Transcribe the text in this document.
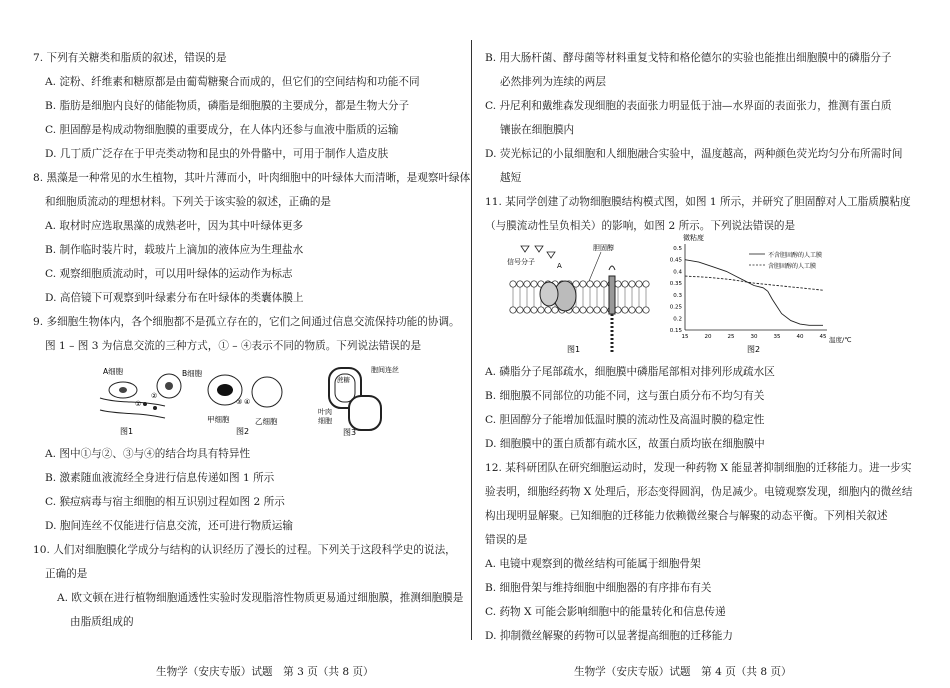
7. 下列有关糖类和脂质的叙述，错误的是
A. 淀粉、纤维素和糖原都是由葡萄糖聚合而成的，但它们的空间结构和功能不同
B. 脂肪是细胞内良好的储能物质，磷脂是细胞膜的主要成分，都是生物大分子
C. 胆固醇是构成动物细胞膜的重要成分，在人体内还参与血液中脂质的运输
D. 几丁质广泛存在于甲壳类动物和昆虫的外骨骼中，可用于制作人造皮肤
8. 黑藻是一种常见的水生植物，其叶片薄而小，叶肉细胞中的叶绿体大而清晰，是观察叶绿体
和细胞质流动的理想材料。下列关于该实验的叙述，正确的是
A. 取材时应选取黑藻的成熟老叶，因为其中叶绿体更多
B. 制作临时装片时，载玻片上滴加的液体应为生理盐水
C. 观察细胞质流动时，可以用叶绿体的运动作为标志
D. 高倍镜下可观察到叶绿素分布在叶绿体的类囊体膜上
9. 多细胞生物体内，各个细胞都不是孤立存在的，它们之间通过信息交流保持功能的协调。
图 1 – 图 3 为信息交流的三种方式，① – ④表示不同的物质。下列说法错误的是
A细胞	B细胞
①
②
图1
③ ④
甲细胞	乙细胞
图2
蔗糖
胞间连丝
叶肉
细胞
图3
A. 图中①与②、③与④的结合均具有特异性
B. 激素随血液流经全身进行信息传递如图 1 所示
C. 猴痘病毒与宿主细胞的相互识别过程如图 2 所示
D. 胞间连丝不仅能进行信息交流，还可进行物质运输
10. 人们对细胞膜化学成分与结构的认识经历了漫长的过程。下列关于这段科学史的说法，
正确的是
A. 欧文顿在进行植物细胞通透性实验时发现脂溶性物质更易通过细胞膜，推测细胞膜是
由脂质组成的
生物学（安庆专版）试题　第 3 页（共 8 页）
B. 用大肠杆菌、酵母菌等材料重复戈特和格伦德尔的实验也能推出细胞膜中的磷脂分子
必然排列为连续的两层
C. 丹尼利和戴维森发现细胞的表面张力明显低于油—水界面的表面张力，推测有蛋白质
镶嵌在细胞膜内
D. 荧光标记的小鼠细胞和人细胞融合实验中，温度越高，两种颜色荧光均匀分布所需时间
越短
11. 某同学创建了动物细胞膜结构模式图，如图 1 所示，并研究了胆固醇对人工脂质膜粘度
（与膜流动性呈负相关）的影响，如图 2 所示。下列说法错误的是
信号分子
胆固醇
A
图1
微粘度
温度/℃
图2
0.15
0.2
0.25
0.3
0.35
0.4
0.45
0.5
15	20	25	30	35	40	45
不含胆固醇的人工膜
含胆固醇的人工膜
A. 磷脂分子尾部疏水，细胞膜中磷脂尾部相对排列形成疏水区
B. 细胞膜不同部位的功能不同，这与蛋白质分布不均匀有关
C. 胆固醇分子能增加低温时膜的流动性及高温时膜的稳定性
D. 细胞膜中的蛋白质都有疏水区，故蛋白质均嵌在细胞膜中
12. 某科研团队在研究细胞运动时，发现一种药物 X 能显著抑制细胞的迁移能力。进一步实
验表明，细胞经药物 X 处理后，形态变得圆润，伪足减少。电镜观察发现，细胞内的微丝结
构出现明显解聚。已知细胞的迁移能力依赖微丝聚合与解聚的动态平衡。下列相关叙述
错误的是
A. 电镜中观察到的微丝结构可能属于细胞骨架
B. 细胞骨架与维持细胞中细胞器的有序排布有关
C. 药物 X 可能会影响细胞中的能量转化和信息传递
D. 抑制微丝解聚的药物可以显著提高细胞的迁移能力
生物学（安庆专版）试题　第 4 页（共 8 页）
